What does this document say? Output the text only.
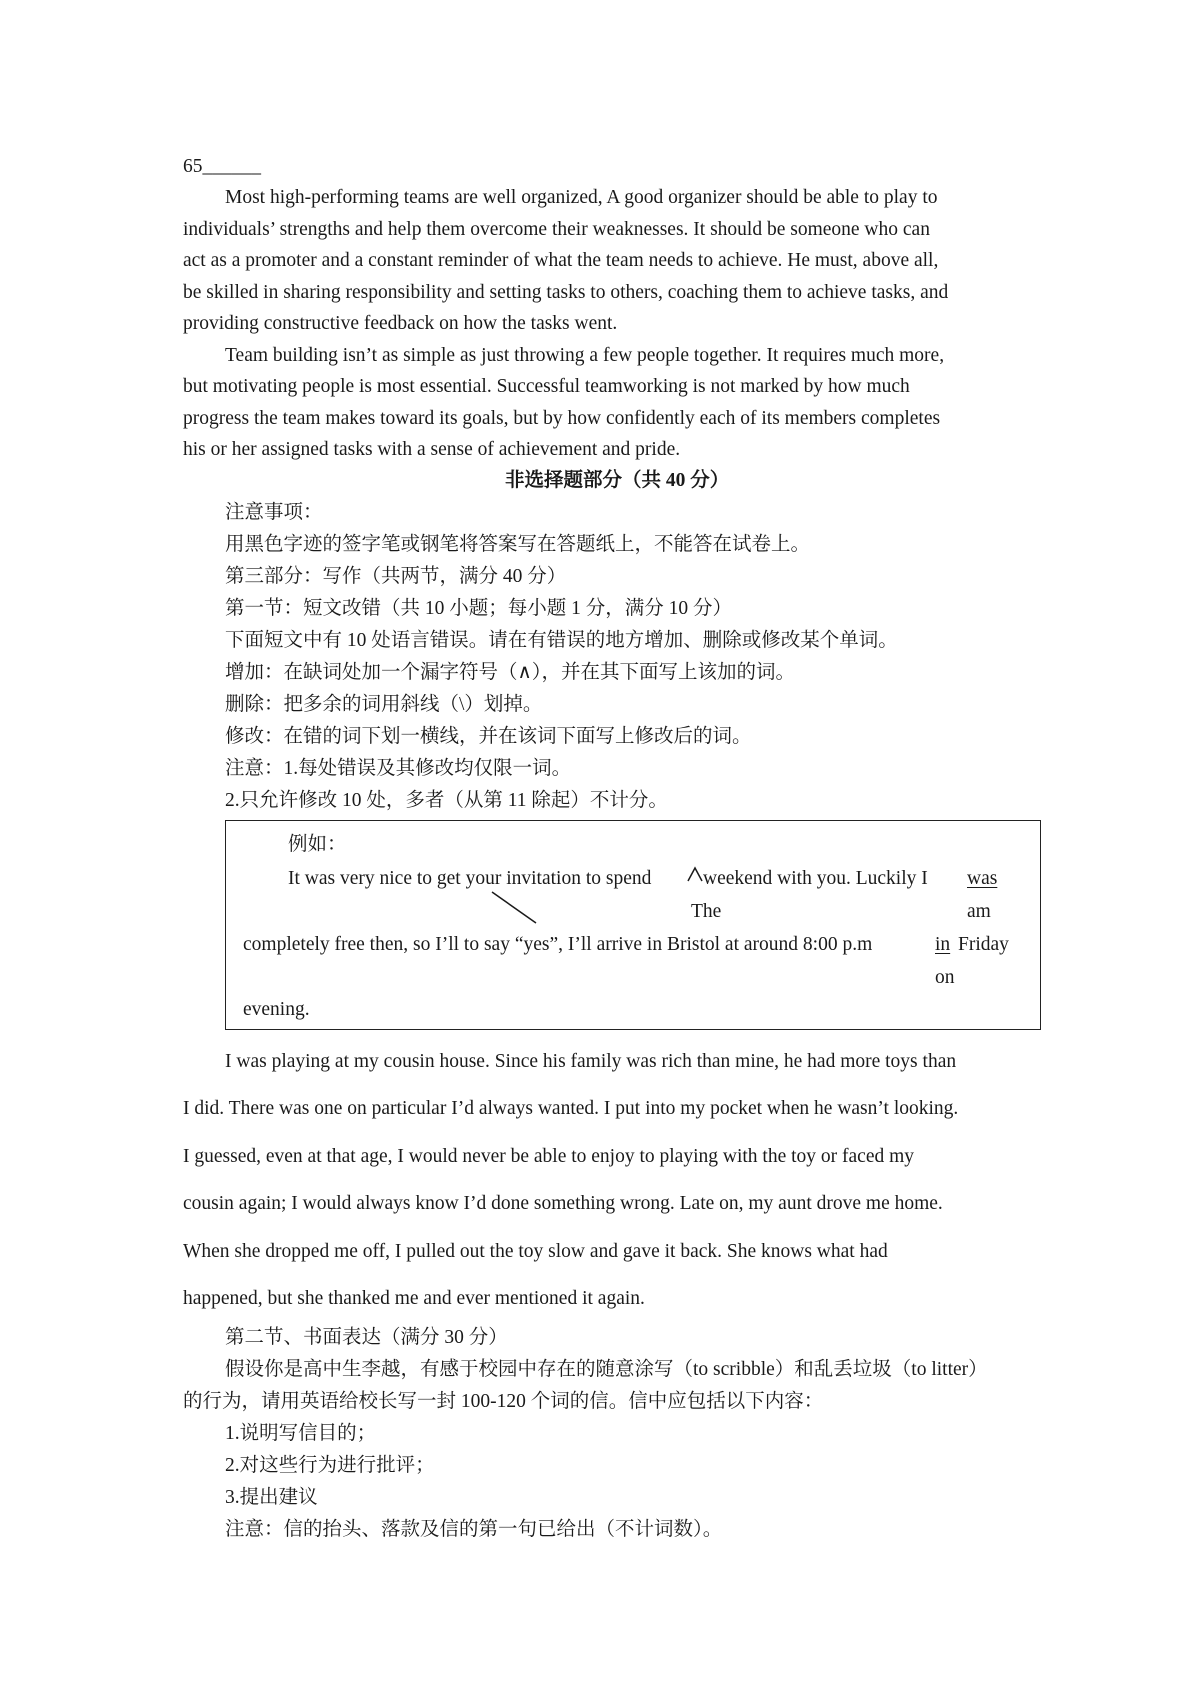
65______
Most high-performing teams are well organized, A good organizer should be able to play to
individuals’ strengths and help them overcome their weaknesses. It should be someone who can
act as a promoter and a constant reminder of what the team needs to achieve. He must, above all,
be skilled in sharing responsibility and setting tasks to others, coaching them to achieve tasks, and
providing constructive feedback on how the tasks went.
Team building isn’t as simple as just throwing a few people together. It requires much more,
but motivating people is most essential. Successful teamworking is not marked by how much
progress the team makes toward its goals, but by how confidently each of its members completes
his or her assigned tasks with a sense of achievement and pride.
非选择题部分（共 40 分）
注意事项：
用黑色字迹的签字笔或钢笔将答案写在答题纸上，不能答在试卷上。
第三部分：写作（共两节，满分 40 分）
第一节：短文改错（共 10 小题；每小题 1 分，满分 10 分）
下面短文中有 10 处语言错误。请在有错误的地方增加、删除或修改某个单词。
增加：在缺词处加一个漏字符号（∧），并在其下面写上该加的词。
删除：把多余的词用斜线（\）划掉。
修改：在错的词下划一横线，并在该词下面写上修改后的词。
注意：1.每处错误及其修改均仅限一词。
2.只允许修改 10 处，多者（从第 11 除起）不计分。
例如：
It was very nice to get your invitation to spend	weekend with you. Luckily I was
The	am
completely free then, so I’ll to say “yes”, I’ll arrive in Bristol at around 8:00 p.m	in Friday
on
evening.
I was playing at my cousin house. Since his family was rich than mine, he had more toys than
I did. There was one on particular I’d always wanted. I put into my pocket when he wasn’t looking.
I guessed, even at that age, I would never be able to enjoy to playing with the toy or faced my
cousin again; I would always know I’d done something wrong. Late on, my aunt drove me home.
When she dropped me off, I pulled out the toy slow and gave it back. She knows what had
happened, but she thanked me and ever mentioned it again.
第二节、书面表达（满分 30 分）
假设你是高中生李越，有感于校园中存在的随意涂写（to scribble）和乱丢垃圾（to litter）
的行为，请用英语给校长写一封 100-120 个词的信。信中应包括以下内容：
1.说明写信目的；
2.对这些行为进行批评；
3.提出建议
注意：信的抬头、落款及信的第一句已给出（不计词数）。
